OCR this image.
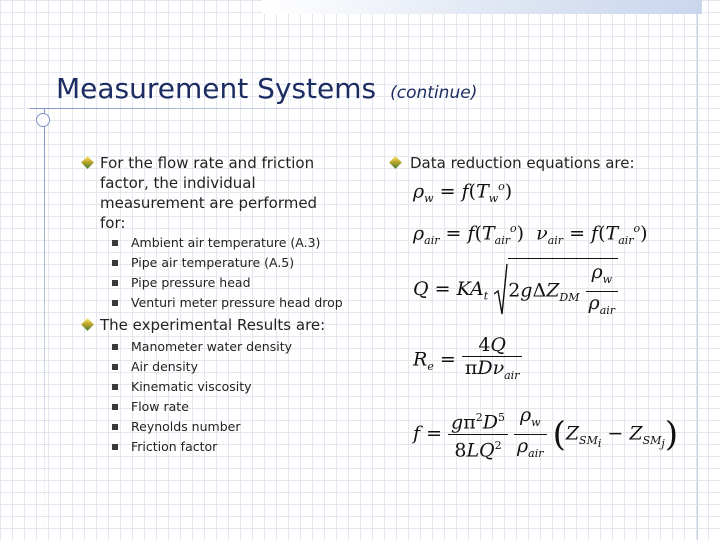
Measurement Systems (continue)
For the flow rate and friction factor, the individual measurement are performed for:
Ambient air temperature (A.3)
Pipe air temperature (A.5)
Pipe pressure head
Venturi meter pressure head drop
The experimental Results are:
Manometer water density
Air density
Kinematic viscosity
Flow rate
Reynolds number
Friction factor
Data reduction equations are:
$\rho_w = f(T_w^o)$
$\rho_{air} = f(T_{air}^o) \nu_{air} = f(T_{air}^o)$
$Q = KA_t$ $2g\Delta Z_{DM} \frac{\rho_w}{\rho_{air}}$
$R_e = \frac{4Q}{\pi D\nu_{air}}$
$f = \frac{g\pi^2D^5}{8LQ^2}$
$\frac{\rho_w}{\rho_{air}} (Z_{SM_i} - Z_{SM_j})$
